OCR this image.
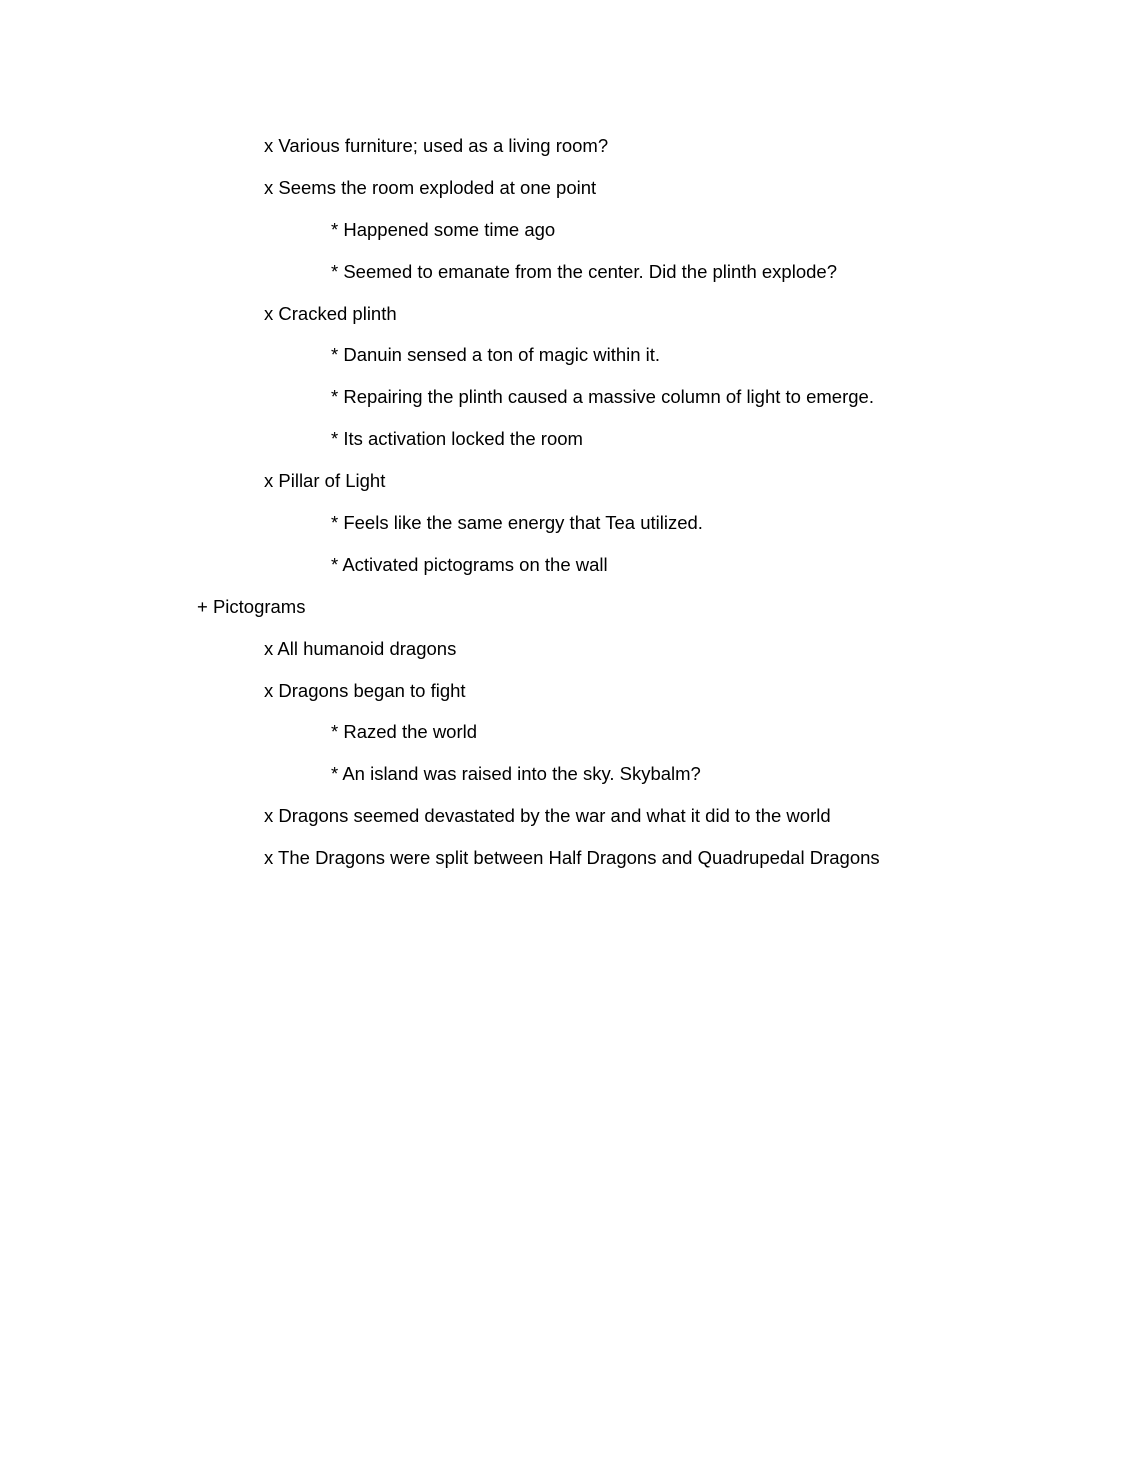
x Various furniture; used as a living room?
x Seems the room exploded at one point
* Happened some time ago
* Seemed to emanate from the center. Did the plinth explode?
x Cracked plinth
* Danuin sensed a ton of magic within it.
* Repairing the plinth caused a massive column of light to emerge.
* Its activation locked the room
x Pillar of Light
* Feels like the same energy that Tea utilized.
* Activated pictograms on the wall
+ Pictograms
x All humanoid dragons
x Dragons began to fight
* Razed the world
* An island was raised into the sky. Skybalm?
x Dragons seemed devastated by the war and what it did to the world
x The Dragons were split between Half Dragons and Quadrupedal Dragons
